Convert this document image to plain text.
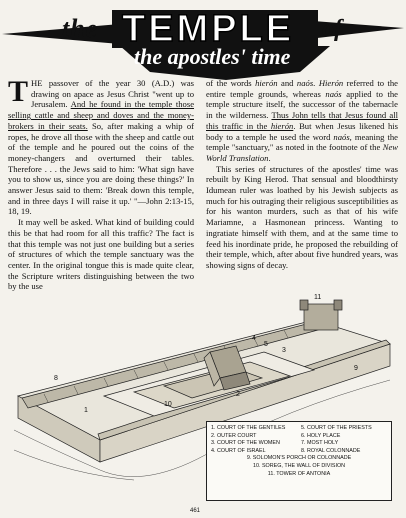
the TEMPLE of
the apostles' time

THE passover of the year 30 (A.D.) was drawing on apace as Jesus Christ "went up to Jerusalem. And he found in the temple those selling cattle and sheep and doves and the money-brokers in their seats. So, after making a whip of ropes, he drove all those with the sheep and cattle out of the temple and he poured out the coins of the money-changers and overturned their tables. Therefore . . . the Jews said to him: 'What sign have you to show us, since you are doing these things?' In answer Jesus said to them: 'Break down this temple, and in three days I will raise it up.' "—John 2:13-15, 18, 19.

It may well be asked. What kind of building could this be that had room for all this traffic? The fact is that this temple was not just one building but a series of structures of which the temple sanctuary was the center. In the original tongue this is made quite clear, the Scripture writers distinguishing between the two by the use

of the words hierón and naós. Hierón referred to the entire temple grounds, whereas naós applied to the temple structure itself, the successor of the tabernacle in the wilderness. Thus John tells that Jesus found all this traffic in the hierón. But when Jesus likened his body to a temple he used the word naós, meaning the temple "sanctuary," as noted in the footnote of the New World Translation.

This series of structures of the apostles' time was rebuilt by King Herod. That sensual and bloodthirsty Idumean ruler was loathed by his Jewish subjects as much for his outraging their religious susceptibilities as for his wanton murders, such as that of his wife Mariamne, a Hasmonean princess. Wanting to ingratiate himself with them, and at the same time to feed his inordinate pride, he proposed the rebuilding of their temple, which, after about five hundred years, was showing signs of decay.

4
5
3
2
8
1
10
9
11
1. COURT OF THE GENTILES	5. COURT OF THE PRIESTS
2. OUTER COURT	6. HOLY PLACE
3. COURT OF THE WOMEN	7. MOST HOLY
4. COURT OF ISRAEL	8. ROYAL COLONNADE
9. SOLOMON'S PORCH OR COLONNADE
10. SOREG, THE WALL OF DIVISION
11. TOWER OF ANTONIA
461
